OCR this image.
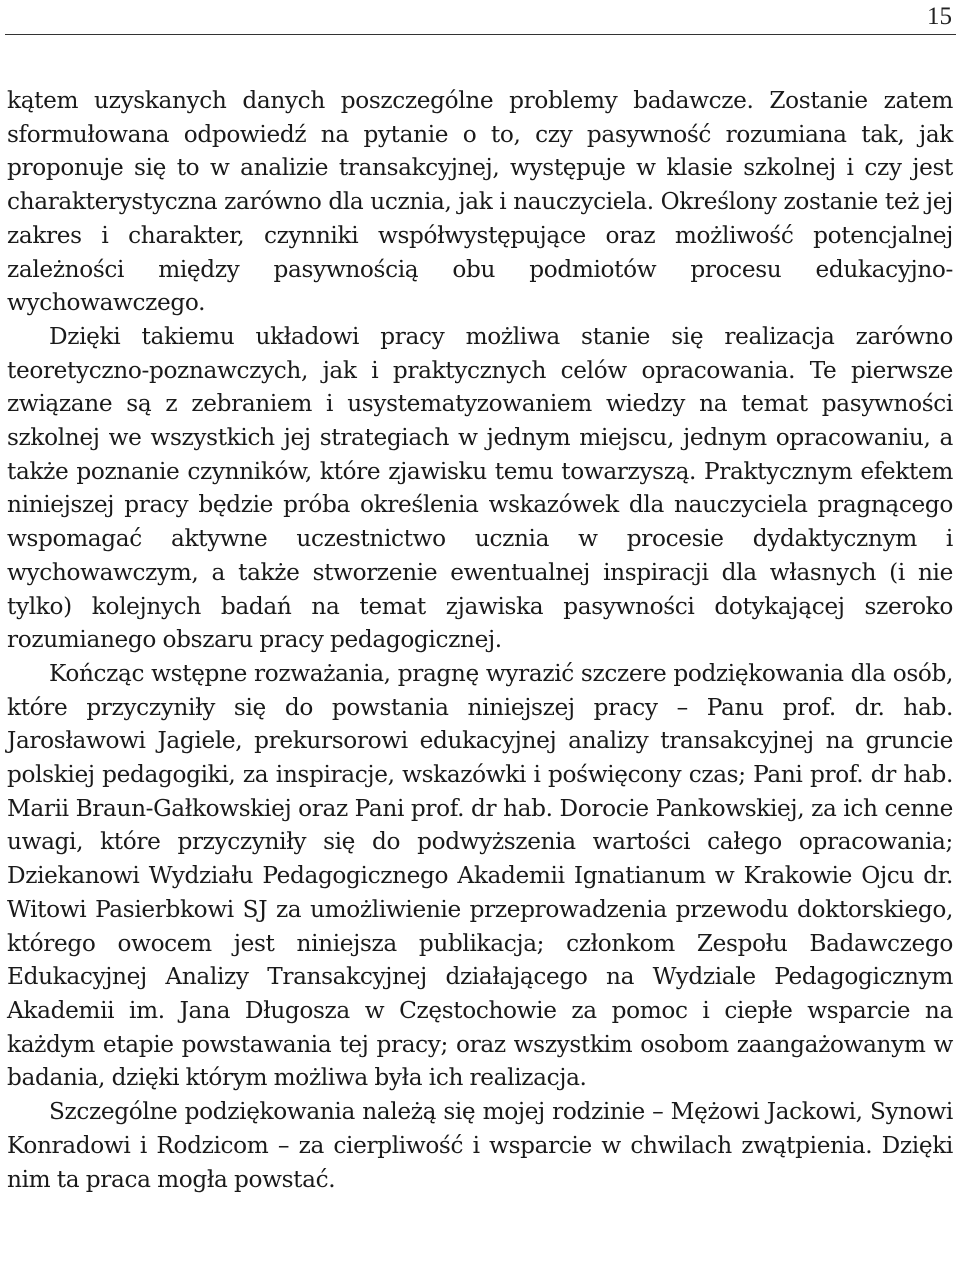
15

kątem uzyskanych danych poszczególne problemy badawcze. Zostanie zatem sformułowana odpowiedź na pytanie o to, czy pasywność rozumiana tak, jak proponuje się to w analizie transakcyjnej, występuje w klasie szkolnej i czy jest charakterystyczna zarówno dla ucznia, jak i nauczyciela. Określony zostanie też jej zakres i charakter, czynniki współwystępujące oraz możliwość potencjalnej zależności między pasywnością obu podmiotów procesu edukacyjno-wychowawczego.

Dzięki takiemu układowi pracy możliwa stanie się realizacja zarówno teoretyczno-poznawczych, jak i praktycznych celów opracowania. Te pierwsze związane są z zebraniem i usystematyzowaniem wiedzy na temat pasywności szkolnej we wszystkich jej strategiach w jednym miejscu, jednym opracowaniu, a także poznanie czynników, które zjawisku temu towarzyszą. Praktycznym efektem niniejszej pracy będzie próba określenia wskazówek dla nauczyciela pragnącego wspomagać aktywne uczestnictwo ucznia w procesie dydaktycznym i wychowawczym, a także stworzenie ewentualnej inspiracji dla własnych (i nie tylko) kolejnych badań na temat zjawiska pasywności dotykającej szeroko rozumianego obszaru pracy pedagogicznej.

Kończąc wstępne rozważania, pragnę wyrazić szczere podziękowania dla osób, które przyczyniły się do powstania niniejszej pracy – Panu prof. dr. hab. Jarosławowi Jagiele, prekursorowi edukacyjnej analizy transakcyjnej na gruncie polskiej pedagogiki, za inspiracje, wskazówki i poświęcony czas; Pani prof. dr hab. Marii Braun-Gałkowskiej oraz Pani prof. dr hab. Dorocie Pankowskiej, za ich cenne uwagi, które przyczyniły się do podwyższenia wartości całego opracowania; Dziekanowi Wydziału Pedagogicznego Akademii Ignatianum w Krakowie Ojcu dr. Witowi Pasierbkowi SJ za umożliwienie przeprowadzenia przewodu doktorskiego, którego owocem jest niniejsza publikacja; członkom Zespołu Badawczego Edukacyjnej Analizy Transakcyjnej działającego na Wydziale Pedagogicznym Akademii im. Jana Długosza w Częstochowie za pomoc i ciepłe wsparcie na każdym etapie powstawania tej pracy; oraz wszystkim osobom zaangażowanym w badania, dzięki którym możliwa była ich realizacja.

Szczególne podziękowania należą się mojej rodzinie – Mężowi Jackowi, Synowi Konradowi i Rodzicom – za cierpliwość i wsparcie w chwilach zwątpienia. Dzięki nim ta praca mogła powstać.
